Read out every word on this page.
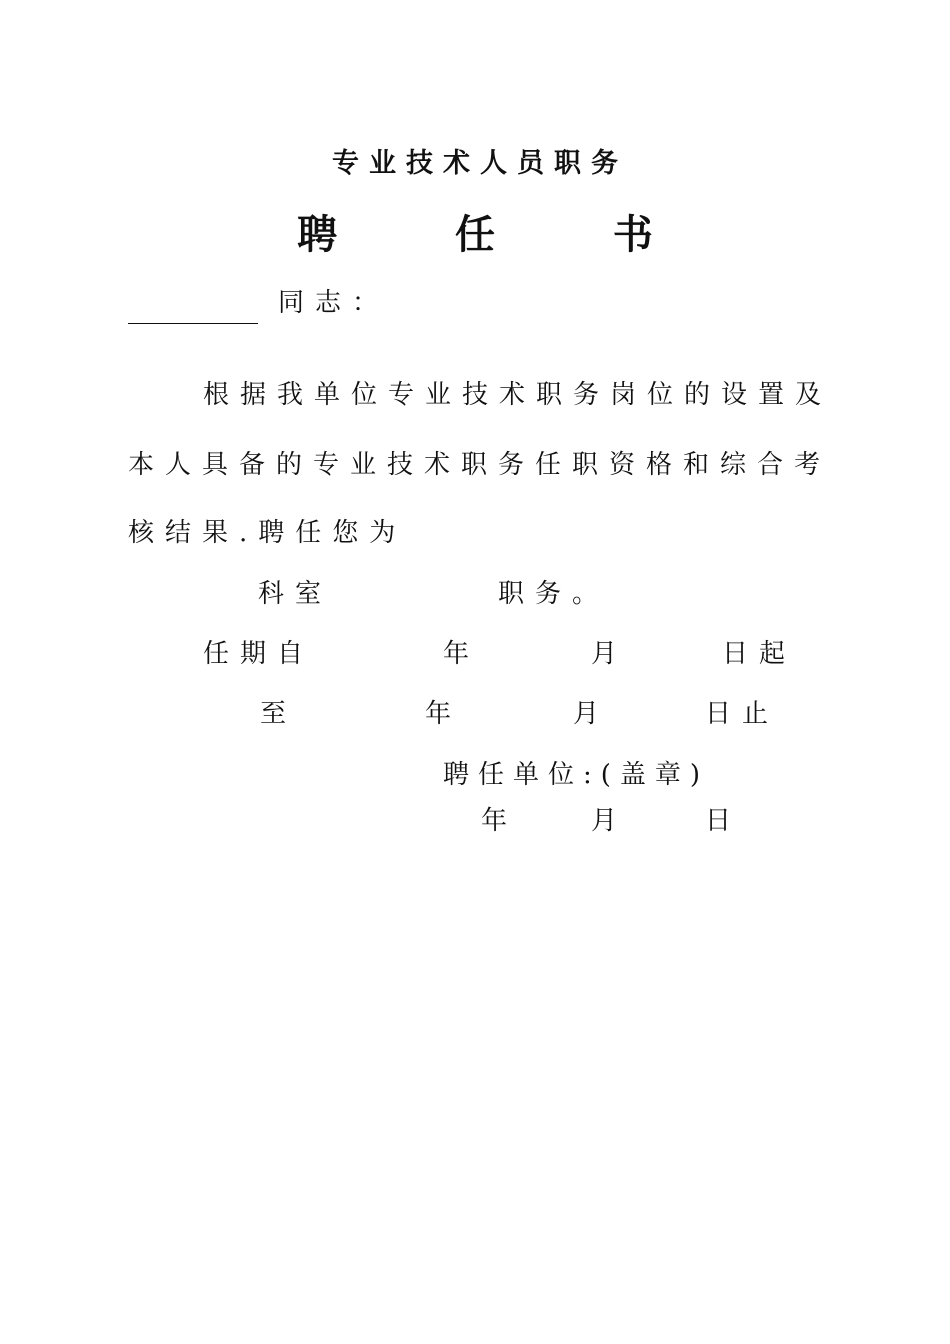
专业技术人员职务
聘 任 书
同志：
根据我单位专业技术职务岗位的设置及
本人具备的专业技术职务任职资格和综合考
核结果.聘任您为
科室	职务。
任期自	年	月	日起
至	年	月	日止
聘任单位:(盖章)
年	月	日
